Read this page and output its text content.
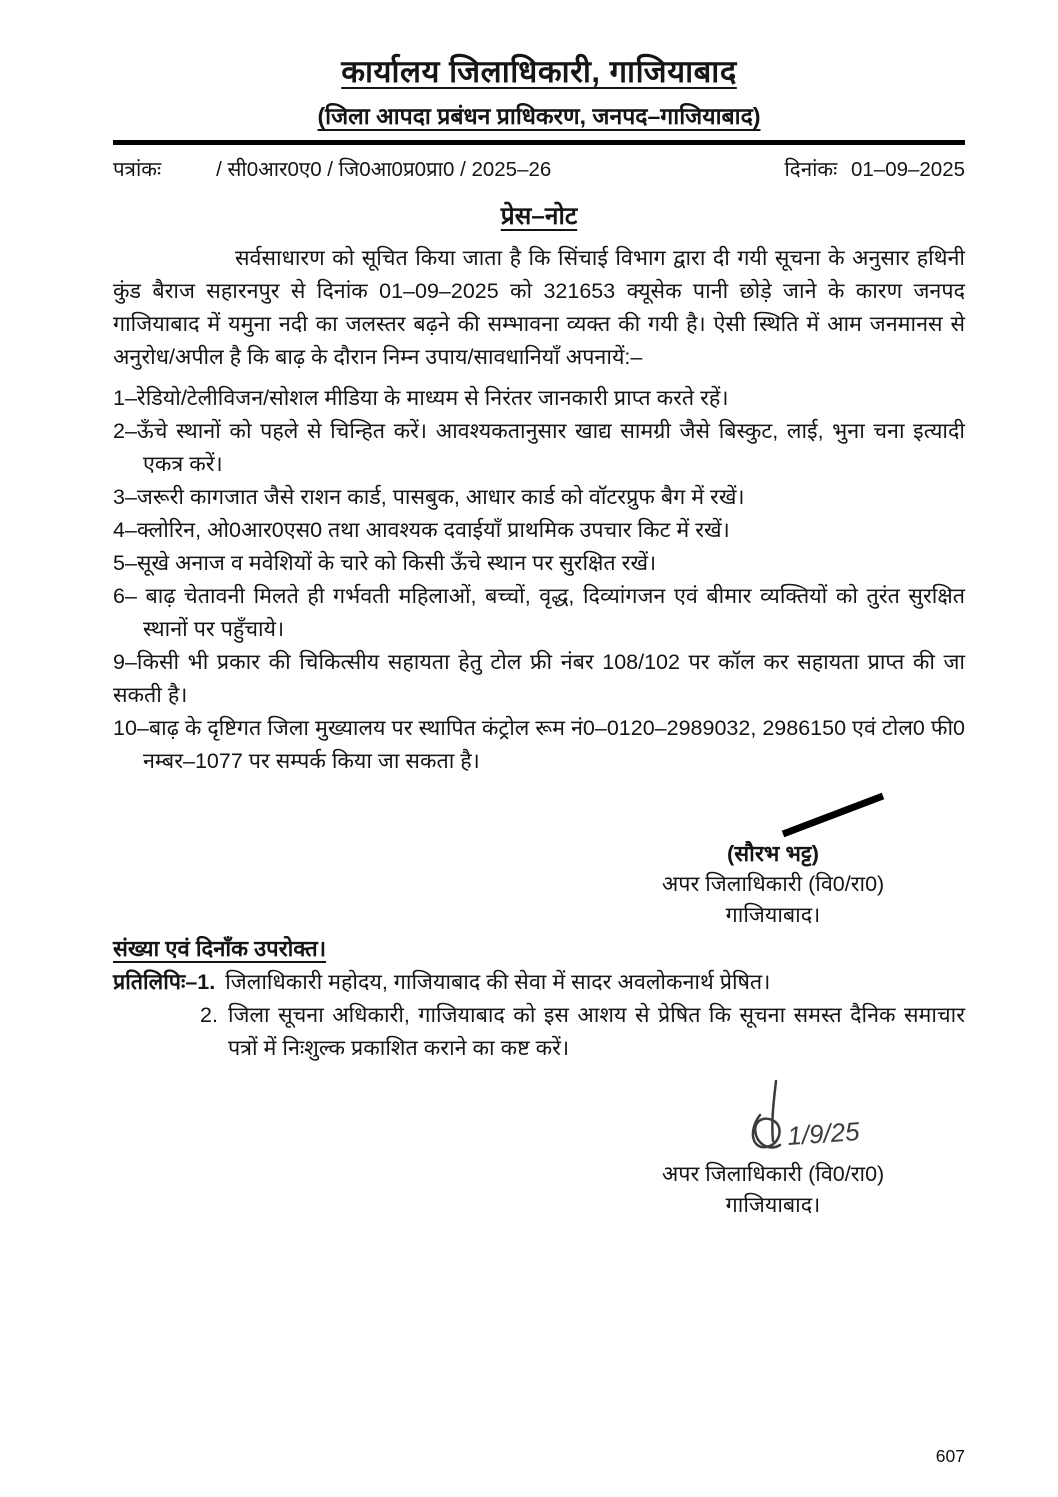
कार्यालय जिलाधिकारी, गाजियाबाद
(जिला आपदा प्रबंधन प्राधिकरण, जनपद–गाजियाबाद)
पत्रांकः	/ सी0आर0ए0 / जि0आ0प्र0प्रा0 / 2025–26	दिनांकः 01–09–2025
प्रेस–नोट

सर्वसाधारण को सूचित किया जाता है कि सिंचाई विभाग द्वारा दी गयी सूचना के अनुसार हथिनी कुंड बैराज सहारनपुर से दिनांक 01–09–2025 को 321653 क्यूसेक पानी छोड़े जाने के कारण जनपद गाजियाबाद में यमुना नदी का जलस्तर बढ़ने की सम्भावना व्यक्त की गयी है। ऐसी स्थिति में आम जनमानस से अनुरोध/अपील है कि बाढ़ के दौरान निम्न उपाय/सावधानियाँ अपनायें:–

1–रेडियो/टेलीविजन/सोशल मीडिया के माध्यम से निरंतर जानकारी प्राप्त करते रहें।
2–ऊँचे स्थानों को पहले से चिन्हित करें। आवश्यकतानुसार खाद्य सामग्री जैसे बिस्कुट, लाई, भुना चना इत्यादी एकत्र करें।
3–जरूरी कागजात जैसे राशन कार्ड, पासबुक, आधार कार्ड को वॉटरप्रुफ बैग में रखें।
4–क्लोरिन, ओ0आर0एस0 तथा आवश्यक दवाईयाँ प्राथमिक उपचार किट में रखें।
5–सूखे अनाज व मवेशियों के चारे को किसी ऊँचे स्थान पर सुरक्षित रखें।
6– बाढ़ चेतावनी मिलते ही गर्भवती महिलाओं, बच्चों, वृद्ध, दिव्यांगजन एवं बीमार व्यक्तियों को तुरंत सुरक्षित स्थानों पर पहुँचाये।
9–किसी भी प्रकार की चिकित्सीय सहायता हेतु टोल फ्री नंबर 108/102 पर कॉल कर सहायता प्राप्त की जा सकती है।
10–बाढ़ के दृष्टिगत जिला मुख्यालय पर स्थापित कंट्रोल रूम नं0–0120–2989032, 2986150 एवं टोल0 फी0 नम्बर–1077 पर सम्पर्क किया जा सकता है।
(सौरभ भट्ट)
अपर जिलाधिकारी (वि0/रा0)
गाजियाबाद।
संख्या एवं दिनाँक उपरोक्त।
प्रतिलिपिः– 1. जिलाधिकारी महोदय, गाजियाबाद की सेवा में सादर अवलोकनार्थ प्रेषित।
2. जिला सूचना अधिकारी, गाजियाबाद को इस आशय से प्रेषित कि सूचना समस्त दैनिक समाचार पत्रों में निःशुल्क प्रकाशित कराने का कष्ट करें।
1/9/25
अपर जिलाधिकारी (वि0/रा0)
गाजियाबाद।
607
